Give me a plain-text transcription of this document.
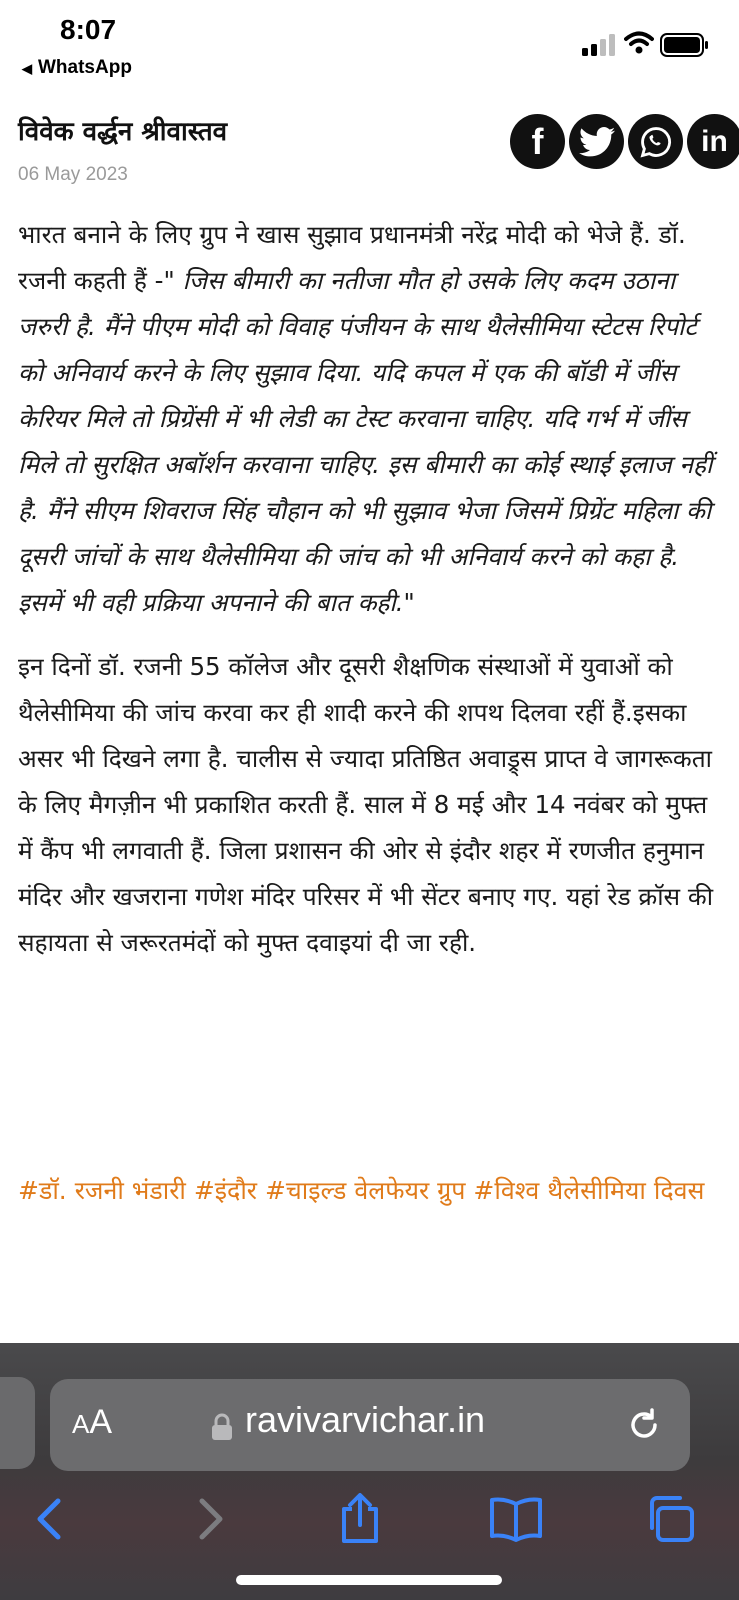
8:07
◀ WhatsApp
विवेक वर्द्धन श्रीवास्तव
06 May 2023
f	in

भारत बनाने के लिए ग्रुप ने खास सुझाव प्रधानमंत्री नरेंद्र मोदी को भेजे हैं. डॉ. रजनी कहती हैं -" जिस बीमारी का नतीजा मौत हो उसके लिए कदम उठाना जरुरी है. मैंने पीएम मोदी को विवाह पंजीयन के साथ थैलेसीमिया स्टेटस रिपोर्ट को अनिवार्य करने के लिए सुझाव दिया. यदि कपल में एक की बॉडी में जींस केरियर मिले तो प्रिग्रेंसी में भी लेडी का टेस्ट करवाना चाहिए. यदि गर्भ में जींस मिले तो सुरक्षित अबॉर्शन करवाना चाहिए. इस बीमारी का कोई स्थाई इलाज नहीं है. मैंने सीएम शिवराज सिंह चौहान को भी सुझाव भेजा जिसमें प्रिग्रेंट महिला की दूसरी जांचों के साथ थैलेसीमिया की जांच को भी अनिवार्य करने को कहा है. इसमें भी वही प्रक्रिया अपनाने की बात कही."

इन दिनों डॉ. रजनी 55 कॉलेज और दूसरी शैक्षणिक संस्थाओं में युवाओं को थैलेसीमिया की जांच करवा कर ही शादी करने की शपथ दिलवा रहीं हैं.इसका असर भी दिखने लगा है. चालीस से ज्यादा प्रतिष्ठित अवाड्र्स प्राप्त वे जागरूकता के लिए मैगज़ीन भी प्रकाशित करती हैं. साल में 8 मई और 14 नवंबर को मुफ्त में कैंप भी लगवाती हैं. जिला प्रशासन की ओर से इंदौर शहर में रणजीत हनुमान मंदिर और खजराना गणेश मंदिर परिसर में भी सेंटर बनाए गए. यहां रेड क्रॉस की सहायता से जरूरतमंदों को मुफ्त दवाइयां दी जा रही.

#डॉ. रजनी भंडारी #इंदौर #चाइल्ड वेलफेयर ग्रुप #विश्व थैलेसीमिया दिवस
AA	ravivarvichar.in
